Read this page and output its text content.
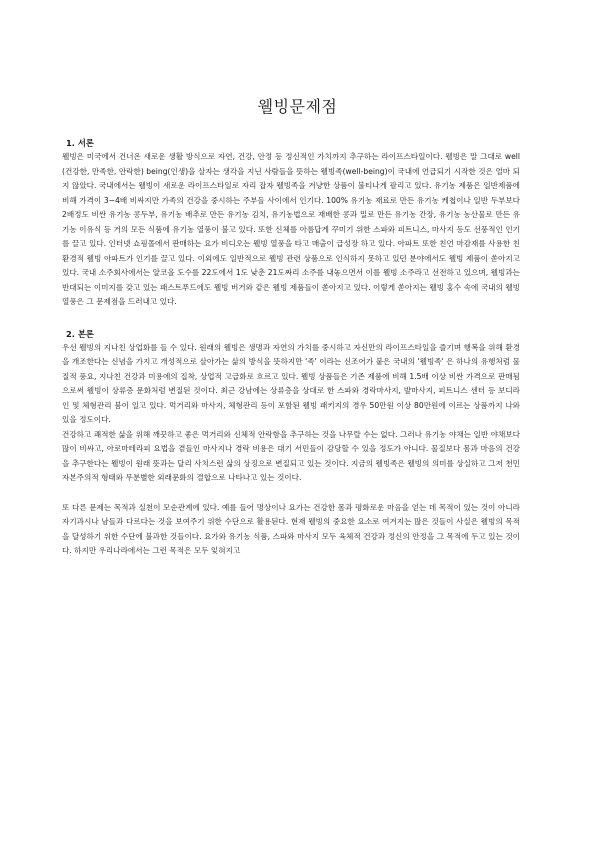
웰빙문제점
1. 서론

웰빙은 미국에서 건너온 새로운 생활 방식으로 자연, 건강, 안정 등 정신적인 가치까지 추구하는 라이프스타일이다. 웰빙은 말 그대로 well(건강한, 만족한, 안락한) being(인생)을 살자는 생각을 지닌 사람들을 뜻하는 웰빙족(well-being)이 국내에 언급되기 시작한 것은 얼마 되지 않았다. 국내에서는 웰빙이 새로운 라이프스타일로 자리 잡자 웰빙족을 겨냥한 상품이 불티나게 팔리고 있다. 유기농 제품은 일반제품에 비해 가격이 3~4배 비싸지만 가족의 건강을 중시하는 주부들 사이에서 인기다. 100% 유기농 재료로 만든 유기농 케첩이나 일반 두부보다 2배정도 비싼 유기농 콩두부, 유기농 배추로 만든 유기농 김치, 유기농법으로 재배한 콩과 밀로 만든 유기농 간장, 유기농 농산물로 만든 유기농 이유식 등 거의 모든 식품에 유기농 열풍이 불고 있다. 또한 신체를 아름답게 꾸미기 위한 스파와 피트니스, 마사지 등도 선풍적인 인기를 끌고 있다. 인터넷 쇼핑몰에서 판매하는 요가 비디오는 웰빙 열풍을 타고 매출이 급성장 하고 있다. 아파트 또한 친언 마감재를 사용한 친환경적 웰빙 아파트가 인기를 끌고 있다. 이외에도 일반적으로 웰빙 관련 상품으로 인식하지 못하고 있던 분야에서도 웰빙 제품이 쏟아지고 있다. 국내 소주회사에서는 알코올 도수를 22도에서 1도 낮춘 21도짜리 소주를 내놓으면서 이를 웰빙 소주라고 선전하고 있으며, 웰빙과는 반대되는 이미지를 갖고 있는 패스트푸드에도 웰빙 버거와 같은 웰빙 제품들이 쏟아지고 있다. 이렇게 쏟아지는 웰빙 홍수 속에 국내의 웰빙 열풍은 그 문제점을 드러내고 있다.

2. 본론

우선 웰빙의 지나친 상업화를 들 수 있다. 원래의 웰빙은 생명과 자연의 가치를 중시하고 자신만의 라이프스타일을 즐기며 행복을 위해 환경을 개조한다는 신념을 가지고 개성적으로 살아가는 삶의 방식을 뜻하지만 '족' 이라는 신조어가 붙은 국내의 '웰빙족' 은 하나의 유행처럼 물질적 풍요, 지나친 건강과 미용에의 집착, 상업적 고급화로 흐르고 있다. 웰빙 상품들은 기존 제품에 비해 1.5배 이상 비싼 가격으로 판매됨으로써 웰빙이 상류층 문화처럼 변질된 것이다. 최근 강남에는 상류층을 상대로 한 스파와 경락마사지, 발마사지, 피트니스 센터 등 보디라인 및 체형관리 붐이 일고 있다. 먹거리와 마사지, 체형관리 등이 포함된 웰빙 패키지의 경우 50만원 이상 80만원에 이르는 상품까지 나와 있을 정도이다.

건강하고 쾌적한 삶을 위해 깨끗하고 좋은 먹거리와 신체적 안락함을 추구하는 것을 나무랄 수는 없다. 그러나 유기농 야채는 일반 야채보다 많이 비싸고, 아로마테라피 요법을 곁들인 마사지나 경락 비용은 대기 서민들이 감당할 수 있을 정도가 아니다. 물질보다 몸과 마음의 건강을 추구한다는 웰빙이 원래 뜻과는 달리 사치스런 삶의 상징으로 변질되고 있는 것이다. 지금의 웰빙족은 웰빙의 의미를 상실하고 그저 천민 자본주의적 형태와 무분별한 외래문화의 결합으로 나타나고 있는 것이다.

또 다른 문제는 목적과 실천이 모순관계에 있다. 예를 들어 명상이나 요가는 건강한 몸과 평화로운 마음을 얻는 데 목적이 있는 것이 아니라 자기과시나 남들과 다르다는 것을 보여주기 위한 수단으로 활용된다. 현재 웰빙의 중요한 요소로 여겨지는 많은 것들이 사실은 웰빙의 목적을 달성하기 위한 수단에 불과한 것들이다. 요가와 유기농 식품, 스파와 마사지 모두 육체적 건강과 정신의 안정을 그 목적에 두고 있는 것이다. 하지만 우리나라에서는 그런 목적은 모두 잊혀지고
